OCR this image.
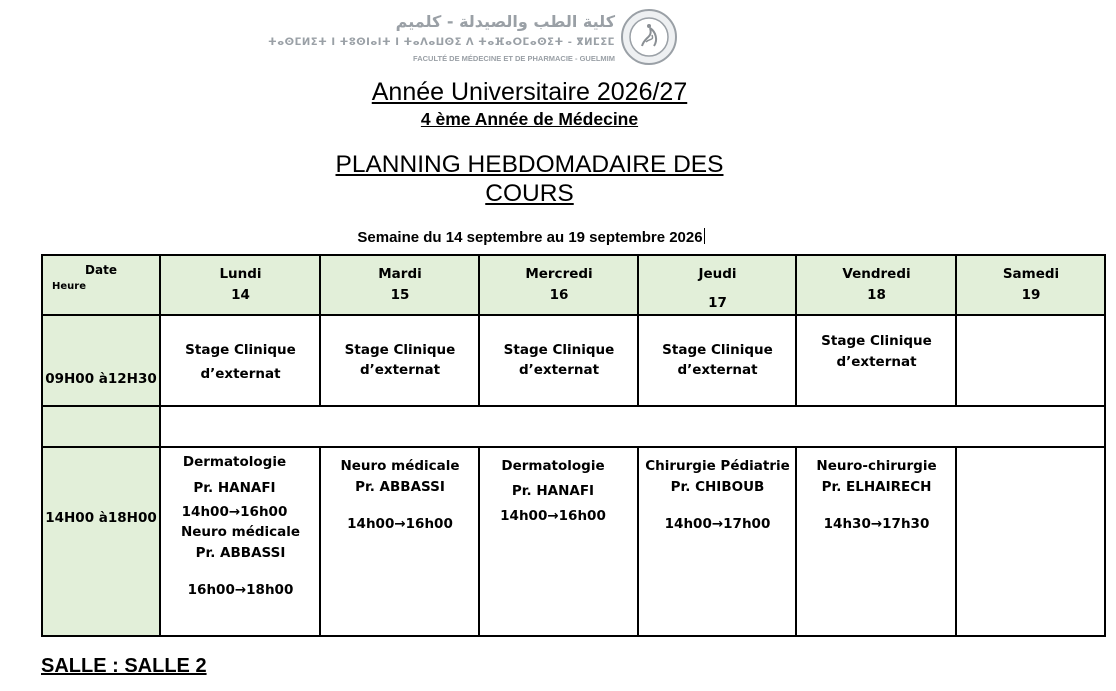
كلية الطب والصيدلة - كلميم
ⵜⴰⵙⵎⵍⵉⵜ ⵏ ⵜⵓⵙⵏⴰⵏⵜ ⵏ ⵜⴰⴷⴰⵡⵙⵉ ⴷ ⵜⴰⴼⴰⵔⵎⴰⵙⵉⵜ - ⴳⵍⵎⵉⵎ
FACULTÉ DE MÉDECINE ET DE PHARMACIE - GUELMIM
Année Universitaire 2026/27
4 ème Année de Médecine
PLANNING HEBDOMADAIRE DES
COURS
Semaine du 14 septembre au 19 septembre 2026
Date
Heure
Lundi
14
Mardi
15
Mercredi
16
Jeudi
17
Vendredi
18
Samedi
19
09H00 à12H30
Stage Clinique
d’externat
Stage Clinique
d’externat
Stage Clinique
d’externat
Stage Clinique
d’externat
Stage Clinique
d’externat
14H00 à18H00
Dermatologie
Pr. HANAFI
14h00→16h00
Neuro médicale
Pr. ABBASSI
16h00→18h00
Neuro médicale
Pr. ABBASSI
14h00→16h00
Dermatologie
Pr. HANAFI
14h00→16h00
Chirurgie Pédiatrie
Pr. CHIBOUB
14h00→17h00
Neuro-chirurgie
Pr. ELHAIRECH
14h30→17h30
SALLE : SALLE 2
